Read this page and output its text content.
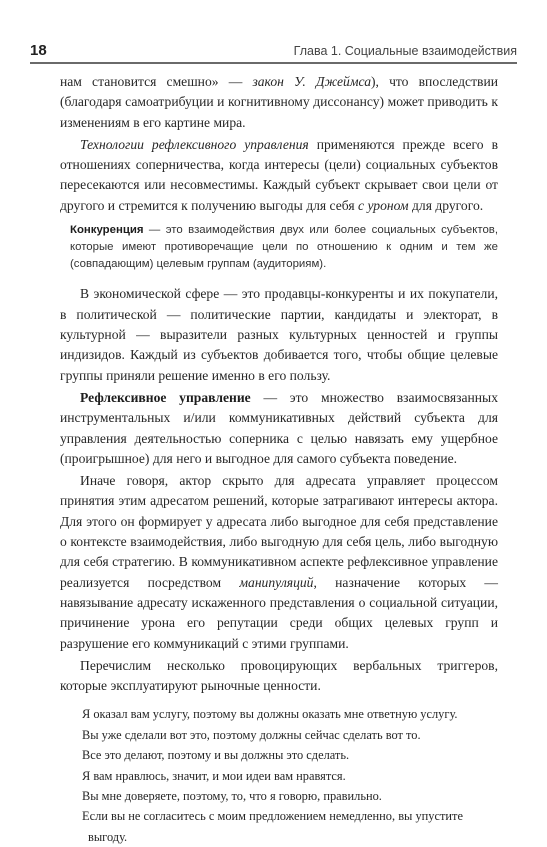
18	Глава 1. Социальные взаимодействия

нам становится смешно» — закон У. Джеймса), что впоследствии (благодаря самоатрибуции и когнитивному диссонансу) может приводить к изменениям в его картине мира.

Технологии рефлексивного управления применяются прежде всего в отношениях соперничества, когда интересы (цели) социальных субъектов пересекаются или несовместимы. Каждый субъект скрывает свои цели от другого и стремится к получению выгоды для себя с уроном для другого.

Конкуренция — это взаимодействия двух или более социальных субъектов, которые имеют противоречащие цели по отношению к одним и тем же (совпадающим) целевым группам (аудиториям).

В экономической сфере — это продавцы-конкуренты и их покупатели, в политической — политические партии, кандидаты и электорат, в культурной — выразители разных культурных ценностей и группы индизидов. Каждый из субъектов добивается того, чтобы общие целевые группы приняли решение именно в его пользу.

Рефлексивное управление — это множество взаимосвязанных инструментальных и/или коммуникативных действий субъекта для управления деятельностью соперника с целью навязать ему ущербное (проигрышное) для него и выгодное для самого субъекта поведение.

Иначе говоря, актор скрыто для адресата управляет процессом принятия этим адресатом решений, которые затрагивают интересы актора. Для этого он формирует у адресата либо выгодное для себя представление о контексте взаимодействия, либо выгодную для себя цель, либо выгодную для себя стратегию. В коммуникативном аспекте рефлексивное управление реализуется посредством манипуляций, назначение которых — навязывание адресату искаженного представления о социальной ситуации, причинение урона его репутации среди общих целевых групп и разрушение его коммуникаций с этими группами.

Перечислим несколько провоцирующих вербальных триггеров, которые эксплуатируют рыночные ценности.

Я оказал вам услугу, поэтому вы должны оказать мне ответную услугу.

Вы уже сделали вот это, поэтому должны сейчас сделать вот то.

Все это делают, поэтому и вы должны это сделать.

Я вам нравлюсь, значит, и мои идеи вам нравятся.

Вы мне доверяете, поэтому, то, что я говорю, правильно.

Если вы не согласитесь с моим предложением немедленно, вы упустите выгоду.
